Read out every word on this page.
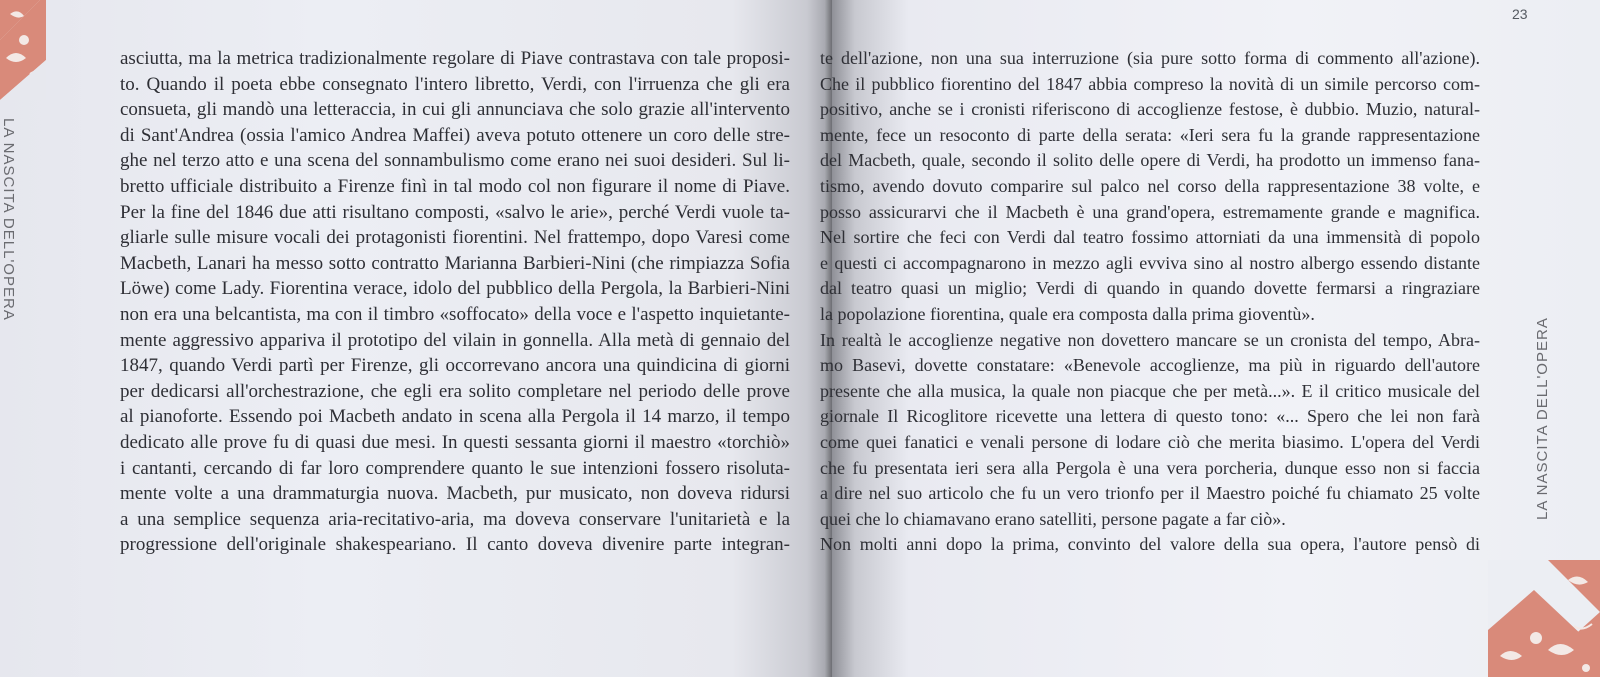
LA NASCITA DELL'OPERA
asciutta, ma la metrica tradizionalmente regolare di Piave contrastava con tale proposi-
to. Quando il poeta ebbe consegnato l'intero libretto, Verdi, con l'irruenza che gli era
consueta, gli mandò una letteraccia, in cui gli annunciava che solo grazie all'intervento
di Sant'Andrea (ossia l'amico Andrea Maffei) aveva potuto ottenere un coro delle stre-
ghe nel terzo atto e una scena del sonnambulismo come erano nei suoi desideri. Sul li-
bretto ufficiale distribuito a Firenze finì in tal modo col non figurare il nome di Piave.
Per la fine del 1846 due atti risultano composti, «salvo le arie», perché Verdi vuole ta-
gliarle sulle misure vocali dei protagonisti fiorentini. Nel frattempo, dopo Varesi come
Macbeth, Lanari ha messo sotto contratto Marianna Barbieri-Nini (che rimpiazza Sofia
Löwe) come Lady. Fiorentina verace, idolo del pubblico della Pergola, la Barbieri-Nini
non era una belcantista, ma con il timbro «soffocato» della voce e l'aspetto inquietante-
mente aggressivo appariva il prototipo del vilain in gonnella. Alla metà di gennaio del
1847, quando Verdi partì per Firenze, gli occorrevano ancora una quindicina di giorni
per dedicarsi all'orchestrazione, che egli era solito completare nel periodo delle prove
al pianoforte. Essendo poi Macbeth andato in scena alla Pergola il 14 marzo, il tempo
dedicato alle prove fu di quasi due mesi. In questi sessanta giorni il maestro «torchiò»
i cantanti, cercando di far loro comprendere quanto le sue intenzioni fossero risoluta-
mente volte a una drammaturgia nuova. Macbeth, pur musicato, non doveva ridursi
a una semplice sequenza aria-recitativo-aria, ma doveva conservare l'unitarietà e la
progressione dell'originale shakespeariano. Il canto doveva divenire parte integran-
23
te dell'azione, non una sua interruzione (sia pure sotto forma di commento all'azione).
Che il pubblico fiorentino del 1847 abbia compreso la novità di un simile percorso com-
positivo, anche se i cronisti riferiscono di accoglienze festose, è dubbio. Muzio, natural-
mente, fece un resoconto di parte della serata: «Ieri sera fu la grande rappresentazione
del Macbeth, quale, secondo il solito delle opere di Verdi, ha prodotto un immenso fana-
tismo, avendo dovuto comparire sul palco nel corso della rappresentazione 38 volte, e
posso assicurarvi che il Macbeth è una grand'opera, estremamente grande e magnifica.
Nel sortire che feci con Verdi dal teatro fossimo attorniati da una immensità di popolo
e questi ci accompagnarono in mezzo agli evviva sino al nostro albergo essendo distante
dal teatro quasi un miglio; Verdi di quando in quando dovette fermarsi a ringraziare
la popolazione fiorentina, quale era composta dalla prima gioventù».
In realtà le accoglienze negative non dovettero mancare se un cronista del tempo, Abra-
mo Basevi, dovette constatare: «Benevole accoglienze, ma più in riguardo dell'autore
presente che alla musica, la quale non piacque che per metà...». E il critico musicale del
giornale Il Ricoglitore ricevette una lettera di questo tono: «... Spero che lei non farà
come quei fanatici e venali persone di lodare ciò che merita biasimo. L'opera del Verdi
che fu presentata ieri sera alla Pergola è una vera porcheria, dunque esso non si faccia
a dire nel suo articolo che fu un vero trionfo per il Maestro poiché fu chiamato 25 volte
quei che lo chiamavano erano satelliti, persone pagate a far ciò».
Non molti anni dopo la prima, convinto del valore della sua opera, l'autore pensò di
LA NASCITA DELL'OPERA
